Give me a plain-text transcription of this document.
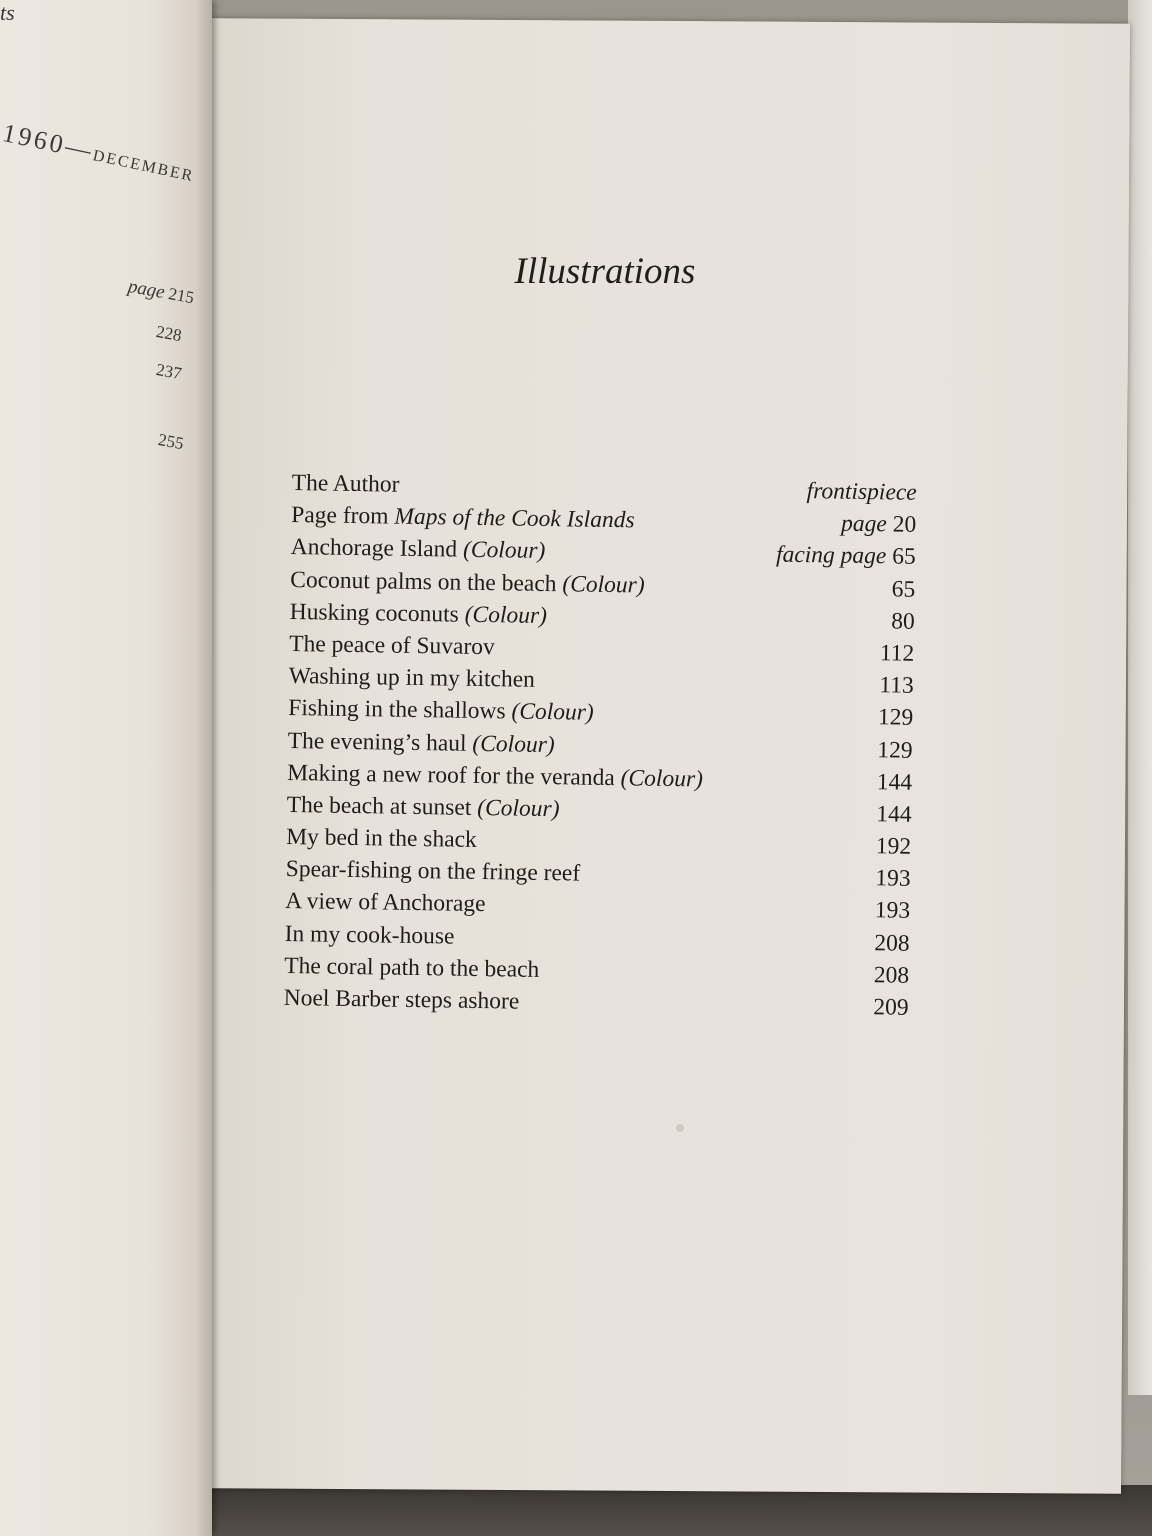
ts
1960—DECEMBER
page 215
228
237
255
Illustrations
The Author	frontispiece
Page from Maps of the Cook Islands	page 20
Anchorage Island (Colour)	facing page 65
Coconut palms on the beach (Colour)	65
Husking coconuts (Colour)	80
The peace of Suvarov	112
Washing up in my kitchen	113
Fishing in the shallows (Colour)	129
The evening’s haul (Colour)	129
Making a new roof for the veranda (Colour)	144
The beach at sunset (Colour)	144
My bed in the shack	192
Spear-fishing on the fringe reef	193
A view of Anchorage	193
In my cook-house	208
The coral path to the beach	208
Noel Barber steps ashore	209
